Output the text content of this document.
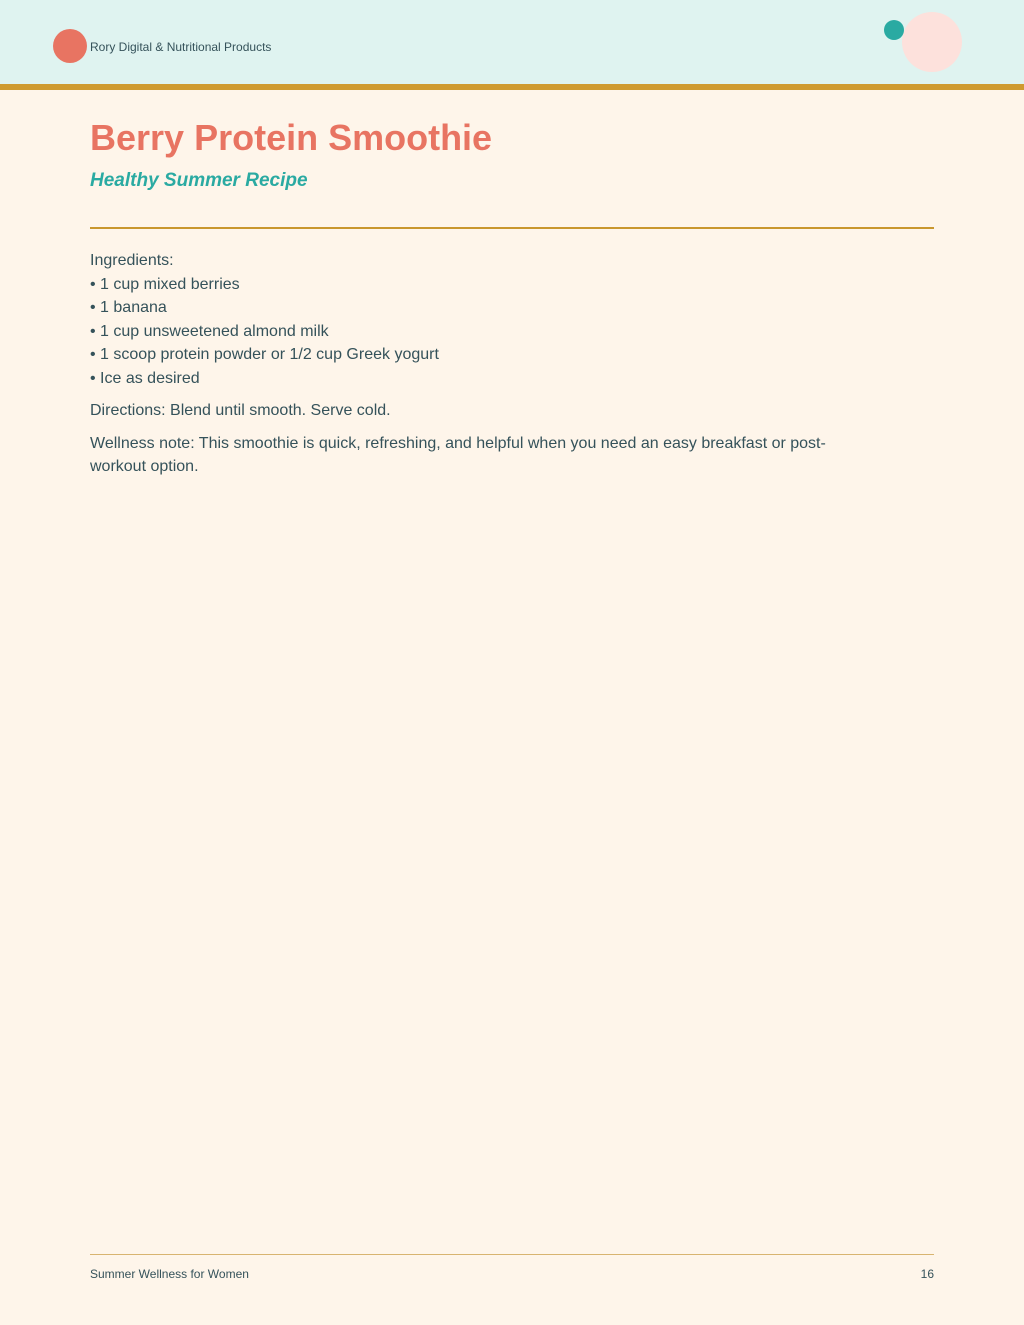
Rory Digital & Nutritional Products
Berry Protein Smoothie
Healthy Summer Recipe

Ingredients:

• 1 cup mixed berries
• 1 banana
• 1 cup unsweetened almond milk
• 1 scoop protein powder or 1/2 cup Greek yogurt
• Ice as desired

Directions: Blend until smooth. Serve cold.

Wellness note: This smoothie is quick, refreshing, and helpful when you need an easy breakfast or post-workout option.

Summer Wellness for Women	16
